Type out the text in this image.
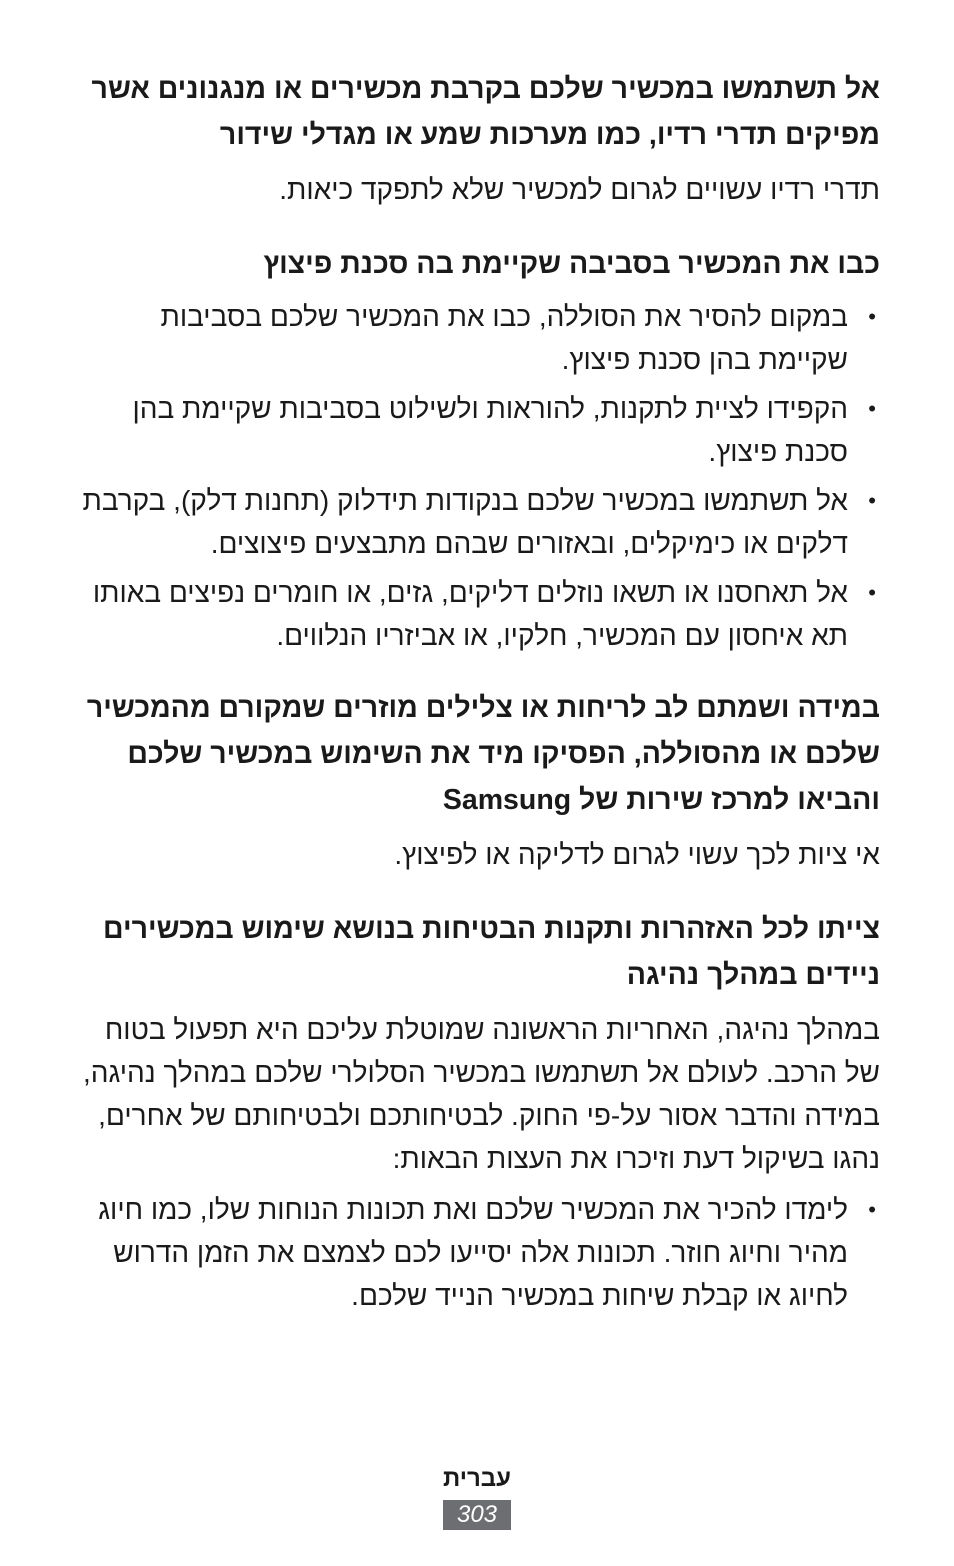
אל תשתמשו במכשיר שלכם בקרבת מכשירים או מנגנונים אשר מפיקים תדרי רדיו, כמו מערכות שמע או מגדלי שידור

תדרי רדיו עשויים לגרום למכשיר שלא לתפקד כיאות.

כבו את המכשיר בסביבה שקיימת בה סכנת פיצוץ

•
במקום להסיר את הסוללה, כבו את המכשיר שלכם בסביבות שקיימת בהן סכנת פיצוץ.
•
הקפידו לציית לתקנות, להוראות ולשילוט בסביבות שקיימת בהן סכנת פיצוץ.
•
אל תשתמשו במכשיר שלכם בנקודות תידלוק (תחנות דלק), בקרבת דלקים או כימיקלים, ובאזורים שבהם מתבצעים פיצוצים.
•
אל תאחסנו או תשאו נוזלים דליקים, גזים, או חומרים נפיצים באותו תא איחסון עם המכשיר, חלקיו, או אביזריו הנלווים.

במידה ושמתם לב לריחות או צלילים מוזרים שמקורם מהמכשיר שלכם או מהסוללה, הפסיקו מיד את השימוש במכשיר שלכם והביאו למרכז שירות של Samsung

אי ציות לכך עשוי לגרום לדליקה או לפיצוץ.

צייתו לכל האזהרות ותקנות הבטיחות בנושא שימוש במכשירים ניידים במהלך נהיגה

במהלך נהיגה, האחריות הראשונה שמוטלת עליכם היא תפעול בטוח של הרכב. לעולם אל תשתמשו במכשיר הסלולרי שלכם במהלך נהיגה, במידה והדבר אסור על-פי החוק. לבטיחותכם ולבטיחותם של אחרים, נהגו בשיקול דעת וזיכרו את העצות הבאות:

•
לימדו להכיר את המכשיר שלכם ואת תכונות הנוחות שלו, כמו חיוג מהיר וחיוג חוזר. תכונות אלה יסייעו לכם לצמצם את הזמן הדרוש לחיוג או קבלת שיחות במכשיר הנייד שלכם.
עברית
303
